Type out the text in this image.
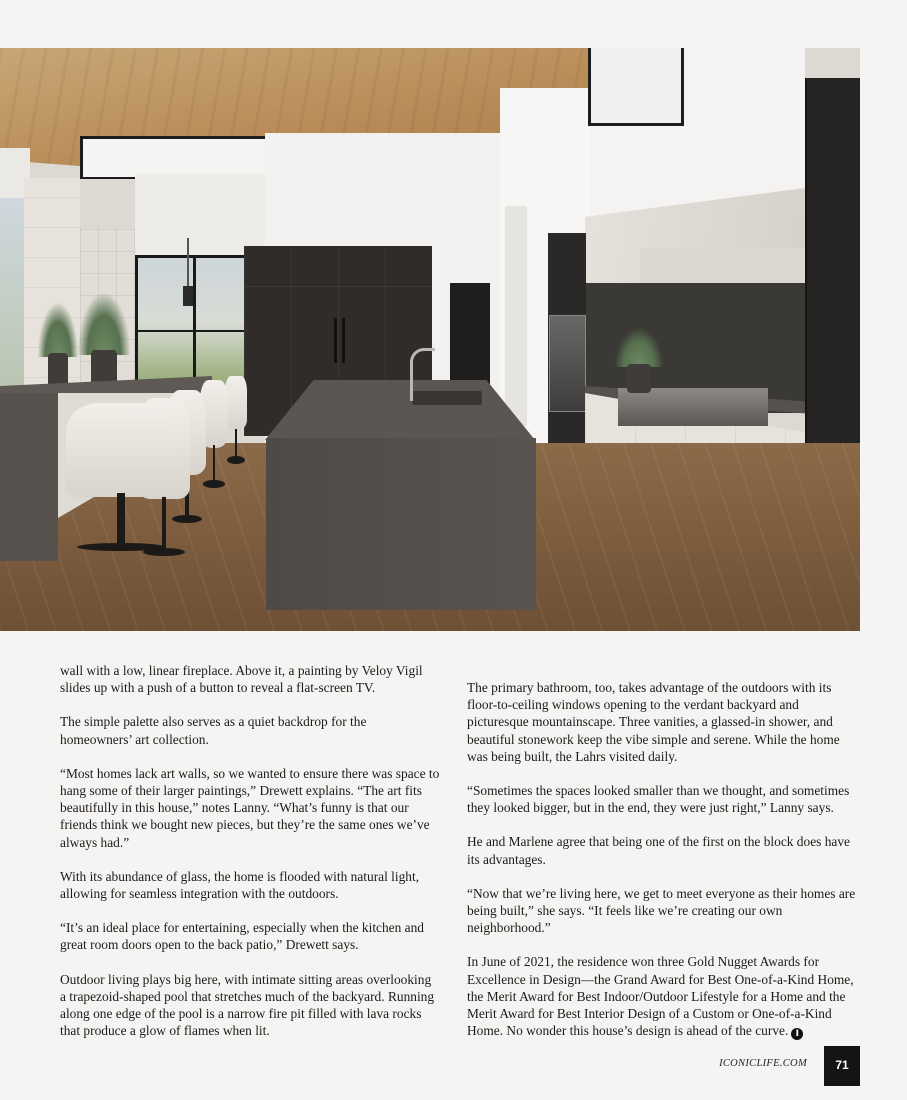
wall with a low, linear fireplace. Above it, a painting by Veloy Vigil slides up with a push of a button to reveal a flat-screen TV.

The simple palette also serves as a quiet backdrop for the homeowners’ art collection.

“Most homes lack art walls, so we wanted to ensure there was space to hang some of their larger paintings,” Drewett explains. “The art fits beautifully in this house,” notes Lanny. “What’s funny is that our friends think we bought new pieces, but they’re the same ones we’ve always had.”

With its abundance of glass, the home is flooded with natural light, allowing for seamless integration with the outdoors.

“It’s an ideal place for entertaining, especially when the kitchen and great room doors open to the back patio,” Drewett says.

Outdoor living plays big here, with intimate sitting areas overlooking a trapezoid-shaped pool that stretches much of the backyard. Running along one edge of the pool is a narrow fire pit filled with lava rocks that produce a glow of flames when lit.

The primary bathroom, too, takes advantage of the outdoors with its floor-to-ceiling windows opening to the verdant backyard and picturesque mountainscape. Three vanities, a glassed-in shower, and beautiful stonework keep the vibe simple and serene. While the home was being built, the Lahrs visited daily.

“Sometimes the spaces looked smaller than we thought, and sometimes they looked bigger, but in the end, they were just right,” Lanny says.

He and Marlene agree that being one of the first on the block does have its advantages.

“Now that we’re living here, we get to meet everyone as their homes are being built,” she says. “It feels like we’re creating our own neighborhood.”

In June of 2021, the residence won three Gold Nugget Awards for Excellence in Design—the Grand Award for Best One-of-a-Kind Home, the Merit Award for Best Indoor/Outdoor Lifestyle for a Home and the Merit Award for Best Interior Design of a Custom or One-of-a-Kind Home. No wonder this house’s design is ahead of the curve. I

ICONICLIFE.COM	71
